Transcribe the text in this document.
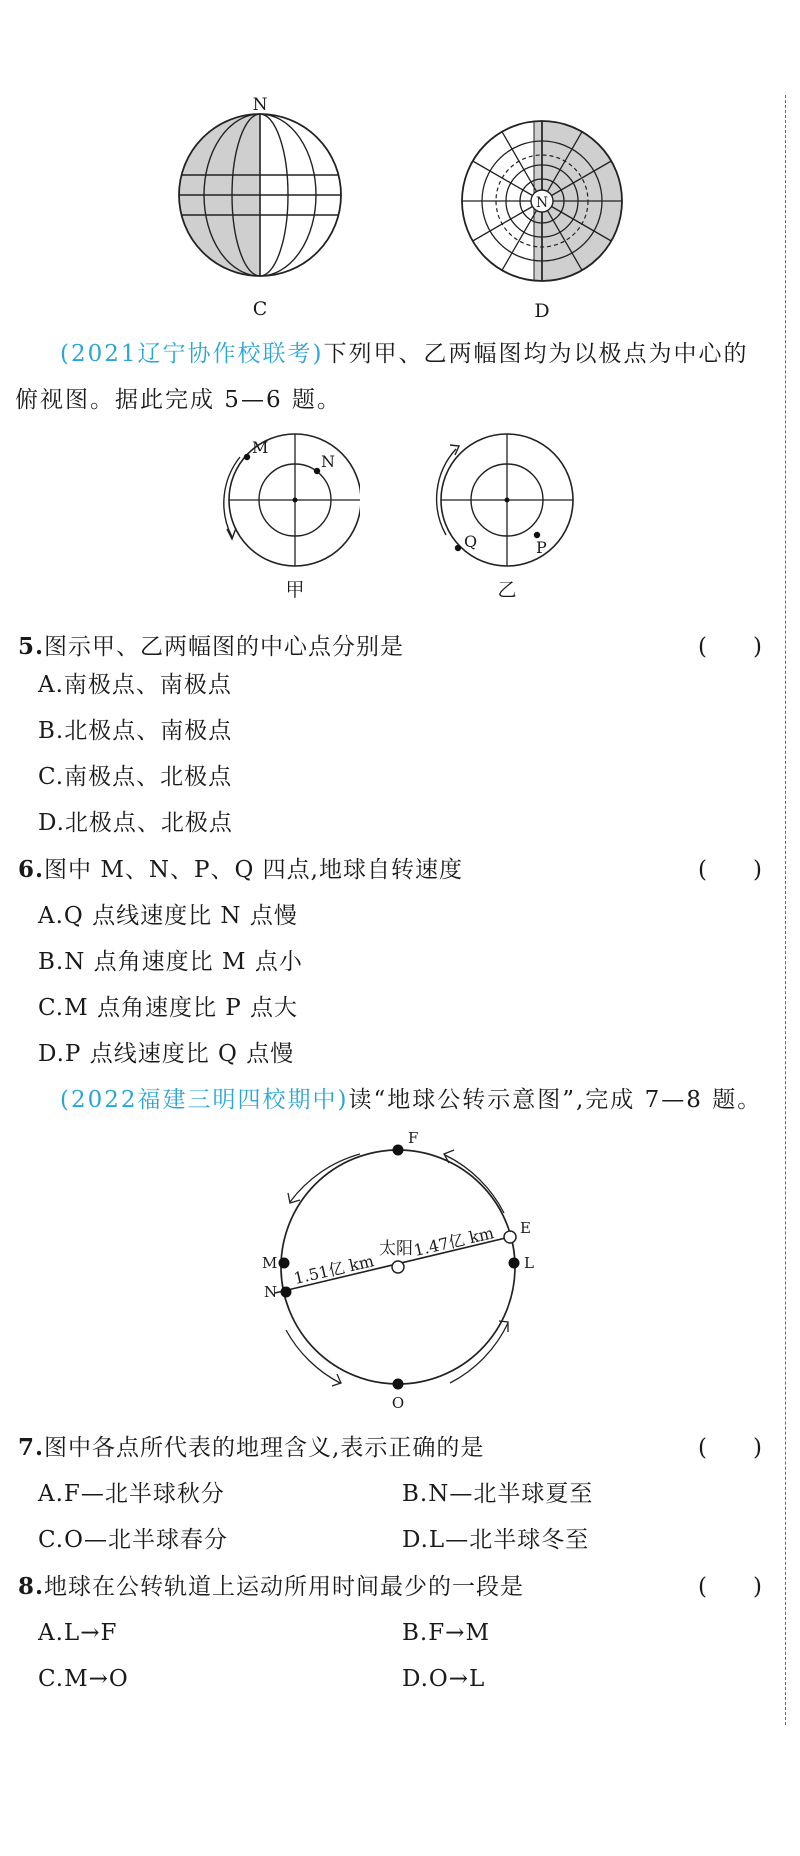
N
C
N
D
(2021辽宁协作校联考)下列甲、乙两幅图均为以极点为中心的
俯视图。据此完成 5—6 题。
M
N
甲
Q	P
乙
5.图示甲、乙两幅图的中心点分别是	(　　)
A.南极点、南极点
B.北极点、南极点
C.南极点、北极点
D.北极点、北极点
6.图中 M、N、P、Q 四点,地球自转速度	(　　)
A.Q 点线速度比 N 点慢
B.N 点角速度比 M 点小
C.M 点角速度比 P 点大
D.P 点线速度比 Q 点慢
(2022福建三明四校期中)读“地球公转示意图”,完成 7—8 题。
太阳
1.51亿 km
1.47亿 km
F
E
L
M
N
O
7.图中各点所代表的地理含义,表示正确的是	(　　)
A.F—北半球秋分	B.N—北半球夏至
C.O—北半球春分	D.L—北半球冬至
8.地球在公转轨道上运动所用时间最少的一段是	(　　)
A.L→F	B.F→M
C.M→O	D.O→L
